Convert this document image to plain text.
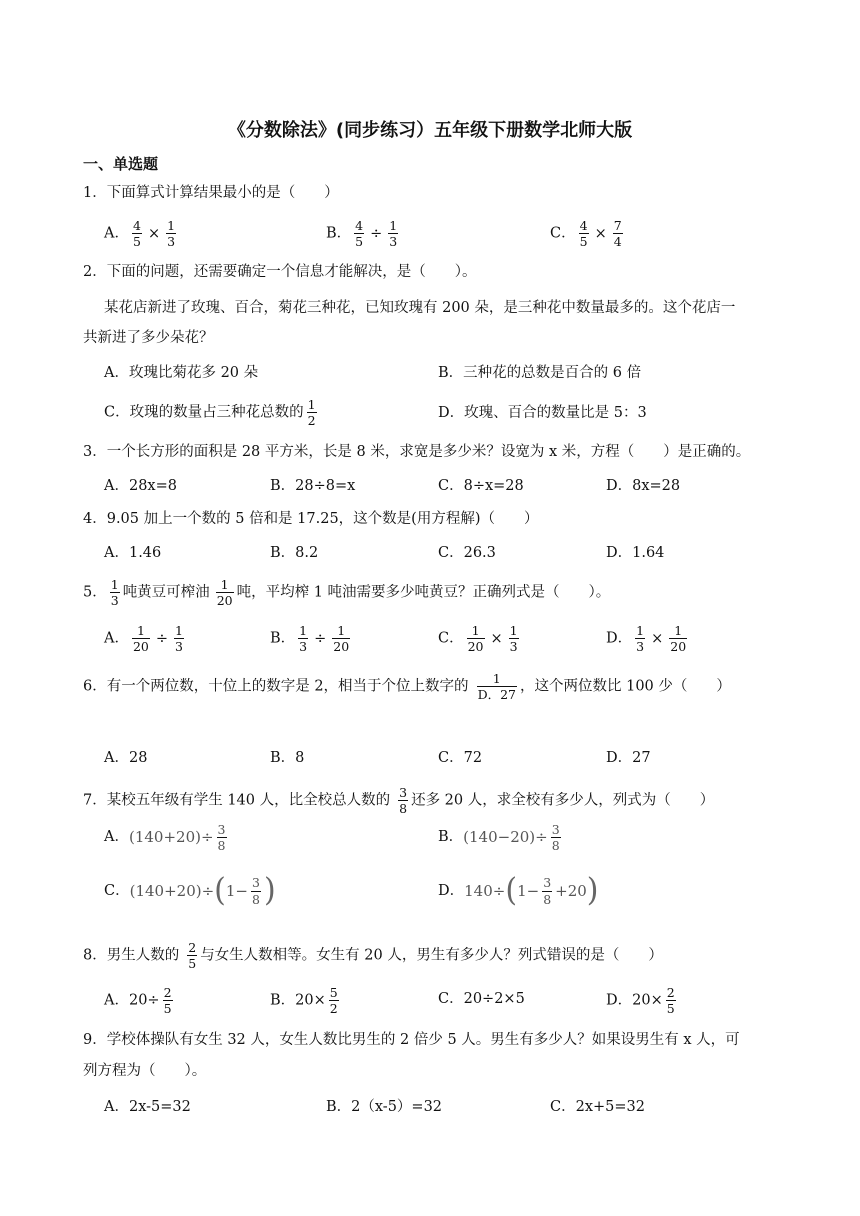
《分数除法》(同步练习）五年级下册数学北师大版
一、单选题
1．下面算式计算结果最小的是（　　）
A． $\frac{4}{5} \times \frac{1}{3}$	B． $\frac{4}{5} \div \frac{1}{3}$	C． $\frac{4}{5} \times \frac{7}{4}$
2．下面的问题，还需要确定一个信息才能解决，是（　　）。
某花店新进了玫瑰、百合，菊花三种花，已知玫瑰有 200 朵，是三种花中数量最多的。这个花店一
共新进了多少朵花？
A．玫瑰比菊花多 20 朵	B．三种花的总数是百合的 6 倍
C．玫瑰的数量占三种花总数的 $\frac{1}{2}$	D．玫瑰、百合的数量比是 5：3
3．一个长方形的面积是 28 平方米，长是 8 米，求宽是多少米？设宽为 x 米，方程（　　）是正确的。
A．28x=8	B．28÷8=x	C．8÷x=28	D．8x=28
4．9.05 加上一个数的 5 倍和是 17.25，这个数是(用方程解)（　　）
A．1.46	B．8.2	C．26.3	D．1.64
5． $\frac{1}{3}$ 吨黄豆可榨油 $\frac{1}{20}$ 吨，平均榨 1 吨油需要多少吨黄豆？正确列式是（　　）。
A． $\frac{1}{20} \div \frac{1}{3}$	B． $\frac{1}{3} \div \frac{1}{20}$	C． $\frac{1}{20} \times \frac{1}{3}$	D． $\frac{1}{3} \times \frac{1}{20}$
6．有一个两位数，十位上的数字是 2，相当于个位上数字的 $\frac{1}{D.27}$ ，这个两位数比 100 少（　　）
A．28	B．8	C．72	D．27
7．某校五年级有学生 140 人，比全校总人数的 $\frac{3}{8}$ 还多 20 人，求全校有多少人，列式为（　　）
A． $(140+20)\div \frac{3}{8}$	B． $(140-20)\div \frac{3}{8}$
C． (140+20)÷ ( $1- \frac{3}{8}$ )	D． 140÷ ( $1- \frac{3}{8} +20$ )
8．男生人数的 $\frac{2}{5}$ 与女生人数相等。女生有 20 人，男生有多少人？列式错误的是（　　）
A．$20\div \frac{2}{5}$	B．$20\times \frac{5}{2}$	C．20÷2×5	D．$20\times \frac{2}{5}$
9．学校体操队有女生 32 人，女生人数比男生的 2 倍少 5 人。男生有多少人？如果设男生有 x 人，可
列方程为（　　）。
A．2x-5=32	B．2（x-5）=32	C．2x+5=32
